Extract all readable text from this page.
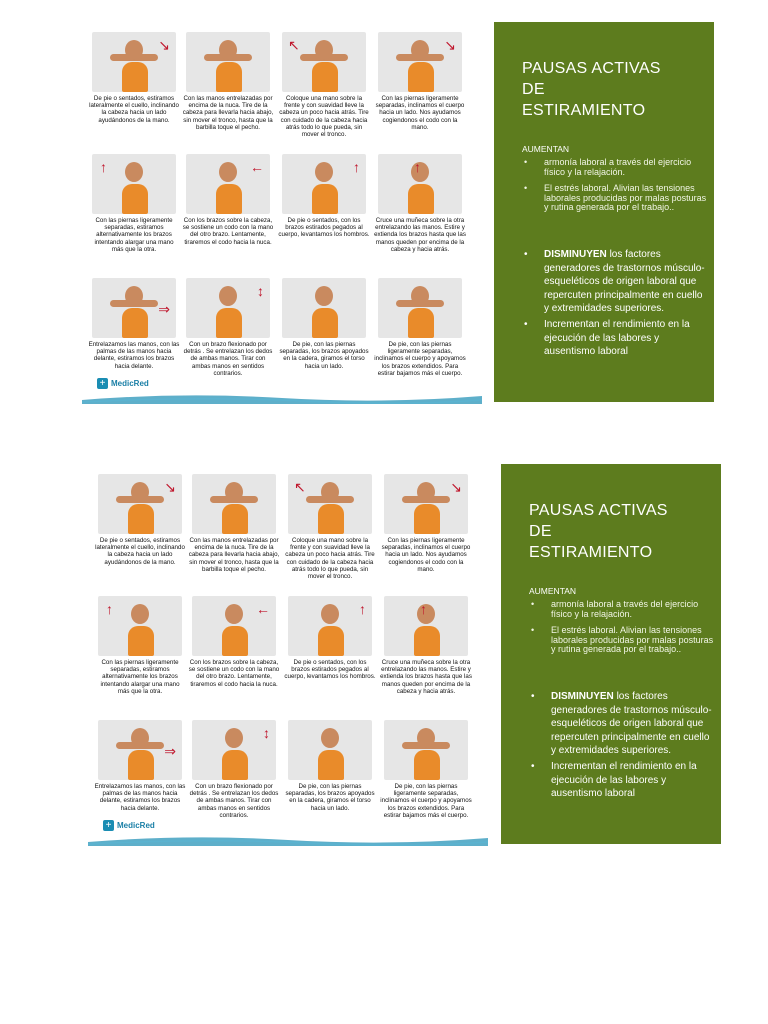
↘
De pie o sentados, estiramos lateralmente el cuello, inclinando la cabeza hacia un lado ayudándonos de la mano.
Con las manos entrelazadas por encima de la nuca. Tire de la cabeza para llevarla hacia abajo, sin mover el tronco, hasta que la barbilla toque el pecho.
↖
Coloque una mano sobre la frente y con suavidad lleve la cabeza un poco hacia atrás. Tire con cuidado de la cabeza hacia atrás todo lo que pueda, sin mover el tronco.
↘
Con las piernas ligeramente separadas, inclinamos el cuerpo hacia un lado. Nos ayudamos cogiendonos el codo con la mano.
↑
Con las piernas ligeramente separadas, estiramos alternativamente los brazos intentando alargar una mano más que la otra.
←
Con los brazos sobre la cabeza, se sostiene un codo con la mano del otro brazo. Lentamente, tiraremos el codo hacia la nuca.
↑
De pie o sentados, con los brazos estirados pegados al cuerpo, levantamos los hombros.
↑
Cruce una muñeca sobre la otra entrelazando las manos. Estire y extienda los brazos hasta que las manos queden por encima de la cabeza y hacia atrás.
⇒
Entrelazamos las manos, con las palmas de las manos hacia delante, estiramos los brazos hacia delante.
↕
Con un brazo flexionado por detrás . Se entrelazan los dedos de ambas manos. Tirar con ambas manos en sentidos contrarios.
De pie, con las piernas separadas, los brazos apoyados en la cadera, giramos el torso hacia un lado.
De pie, con las piernas ligeramente separadas, inclinamos el cuerpo y apoyamos los brazos extendidos. Para estirar bajamos más el cuerpo.
+ MedicRed
PAUSAS ACTIVAS
DE
ESTIRAMIENTO
AUMENTAN
• armonía laboral a través del ejercicio físico y la relajación.
• El estrés laboral. Alivian las tensiones laborales producidas por malas posturas y rutina generada por el trabajo..
• DISMINUYEN los factores generadores de trastornos músculo-esqueléticos de origen laboral que repercuten principalmente en cuello y extremidades superiores.
• Incrementan el rendimiento en la ejecución de las labores y ausentismo laboral
↘
De pie o sentados, estiramos lateralmente el cuello, inclinando la cabeza hacia un lado ayudándonos de la mano.
Con las manos entrelazadas por encima de la nuca. Tire de la cabeza para llevarla hacia abajo, sin mover el tronco, hasta que la barbilla toque el pecho.
↖
Coloque una mano sobre la frente y con suavidad lleve la cabeza un poco hacia atrás. Tire con cuidado de la cabeza hacia atrás todo lo que pueda, sin mover el tronco.
↘
Con las piernas ligeramente separadas, inclinamos el cuerpo hacia un lado. Nos ayudamos cogiendonos el codo con la mano.
↑
Con las piernas ligeramente separadas, estiramos alternativamente los brazos intentando alargar una mano más que la otra.
←
Con los brazos sobre la cabeza, se sostiene un codo con la mano del otro brazo. Lentamente, tiraremos el codo hacia la nuca.
↑
De pie o sentados, con los brazos estirados pegados al cuerpo, levantamos los hombros.
↑
Cruce una muñeca sobre la otra entrelazando las manos. Estire y extienda los brazos hasta que las manos queden por encima de la cabeza y hacia atrás.
⇒
Entrelazamos las manos, con las palmas de las manos hacia delante, estiramos los brazos hacia delante.
↕
Con un brazo flexionado por detrás . Se entrelazan los dedos de ambas manos. Tirar con ambas manos en sentidos contrarios.
De pie, con las piernas separadas, los brazos apoyados en la cadera, giramos el torso hacia un lado.
De pie, con las piernas ligeramente separadas, inclinamos el cuerpo y apoyamos los brazos extendidos. Para estirar bajamos más el cuerpo.
+ MedicRed
PAUSAS ACTIVAS
DE
ESTIRAMIENTO
AUMENTAN
• armonía laboral a través del ejercicio físico y la relajación.
• El estrés laboral. Alivian las tensiones laborales producidas por malas posturas y rutina generada por el trabajo..
• DISMINUYEN los factores generadores de trastornos músculo-esqueléticos de origen laboral que repercuten principalmente en cuello y extremidades superiores.
• Incrementan el rendimiento en la ejecución de las labores y ausentismo laboral
